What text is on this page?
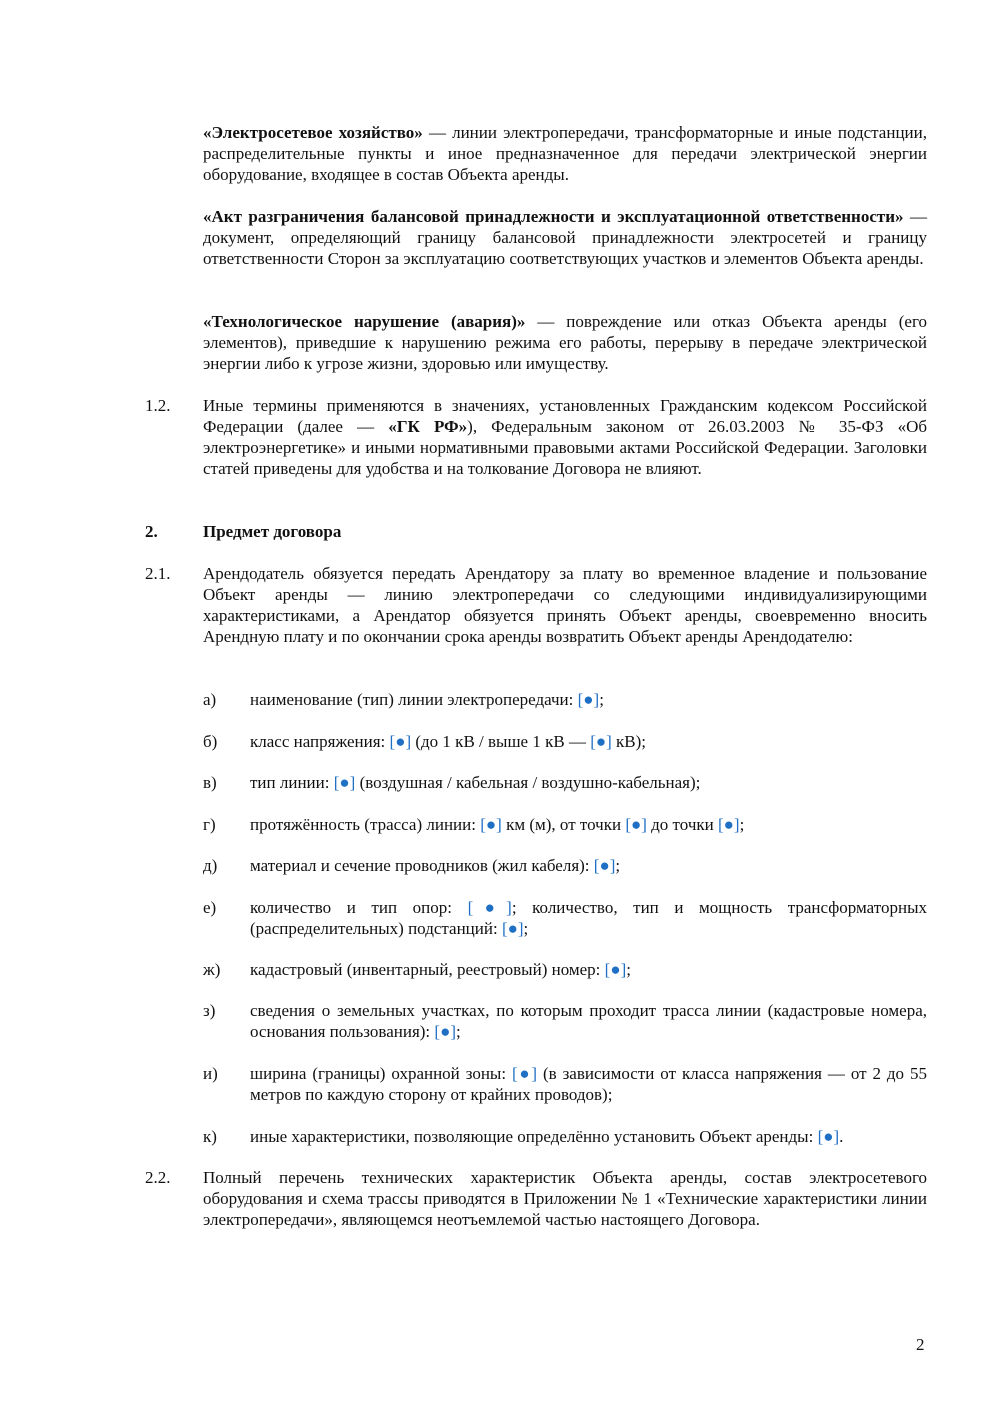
«Электросетевое хозяйство» — линии электропередачи, трансформаторные и иные подстанции, распределительные пункты и иное предназначенное для передачи электрической энергии оборудование, входящее в состав Объекта аренды.

«Акт разграничения балансовой принадлежности и эксплуатационной ответственности» — документ, определяющий границу балансовой принадлежности электросетей и границу ответственности Сторон за эксплуатацию соответствующих участков и элементов Объекта аренды.

«Технологическое нарушение (авария)» — повреждение или отказ Объекта аренды (его элементов), приведшие к нарушению режима его работы, перерыву в передаче электрической энергии либо к угрозе жизни, здоровью или имуществу.

1.2. Иные термины применяются в значениях, установленных Гражданским кодексом Российской Федерации (далее — «ГК РФ»), Федеральным законом от 26.03.2003 № 35-ФЗ «Об электроэнергетике» и иными нормативными правовыми актами Российской Федерации. Заголовки статей приведены для удобства и на толкование Договора не влияют.

2.	Предмет договора

2.1. Арендодатель обязуется передать Арендатору за плату во временное владение и пользование Объект аренды — линию электропередачи со следующими индивидуализирующими характеристиками, а Арендатор обязуется принять Объект аренды, своевременно вносить Арендную плату и по окончании срока аренды возвратить Объект аренды Арендодателю:

а) наименование (тип) линии электропередачи: [●];

б) класс напряжения: [●] (до 1 кВ / выше 1 кВ — [●] кВ);

в) тип линии: [●] (воздушная / кабельная / воздушно-кабельная);

г) протяжённость (трасса) линии: [●] км (м), от точки [●] до точки [●];

д) материал и сечение проводников (жил кабеля): [●];

е) количество и тип опор: [●]; количество, тип и мощность трансформаторных (распределительных) подстанций: [●];

ж) кадастровый (инвентарный, реестровый) номер: [●];

з) сведения о земельных участках, по которым проходит трасса линии (кадастровые номера, основания пользования): [●];

и) ширина (границы) охранной зоны: [●] (в зависимости от класса напряжения — от 2 до 55 метров по каждую сторону от крайних проводов);

к) иные характеристики, позволяющие определённо установить Объект аренды: [●].

2.2. Полный перечень технических характеристик Объекта аренды, состав электросетевого оборудования и схема трассы приводятся в Приложении № 1 «Технические характеристики линии электропередачи», являющемся неотъемлемой частью настоящего Договора.

2
